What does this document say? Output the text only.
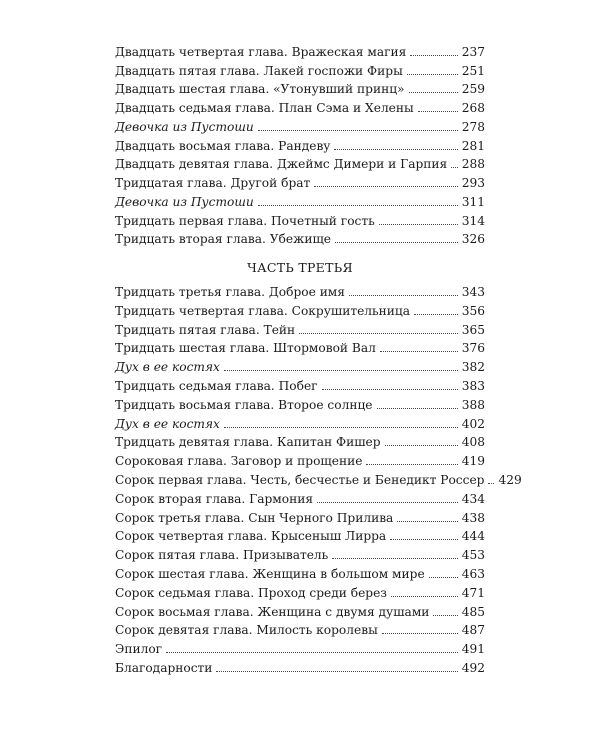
Двадцать четвертая глава. Вражеская магия	237
Двадцать пятая глава. Лакей госпожи Фиры	251
Двадцать шестая глава. «Утонувший принц»	259
Двадцать седьмая глава. План Сэма и Хелены	268
Девочка из Пустоши	278
Двадцать восьмая глава. Рандеву	281
Двадцать девятая глава. Джеймс Димери и Гарпия 288
Тридцатая глава. Другой брат	293
Девочка из Пустоши	311
Тридцать первая глава. Почетный гость	314
Тридцать вторая глава. Убежище	326
ЧАСТЬ ТРЕТЬЯ
Тридцать третья глава. Доброе имя	343
Тридцать четвертая глава. Сокрушительница	356
Тридцать пятая глава. Тейн	365
Тридцать шестая глава. Штормовой Вал	376
Дух в ее костях	382
Тридцать седьмая глава. Побег	383
Тридцать восьмая глава. Второе солнце	388
Дух в ее костях	402
Тридцать девятая глава. Капитан Фишер	408
Сороковая глава. Заговор и прощение	419
Сорок первая глава. Честь, бесчестье и Бенедикт Россер 429
Сорок вторая глава. Гармония	434
Сорок третья глава. Сын Черного Прилива	438
Сорок четвертая глава. Крысеныш Лирра	444
Сорок пятая глава. Призыватель	453
Сорок шестая глава. Женщина в большом мире	463
Сорок седьмая глава. Проход среди берез	471
Сорок восьмая глава. Женщина с двумя душами	485
Сорок девятая глава. Милость королевы	487
Эпилог	491
Благодарности	492
